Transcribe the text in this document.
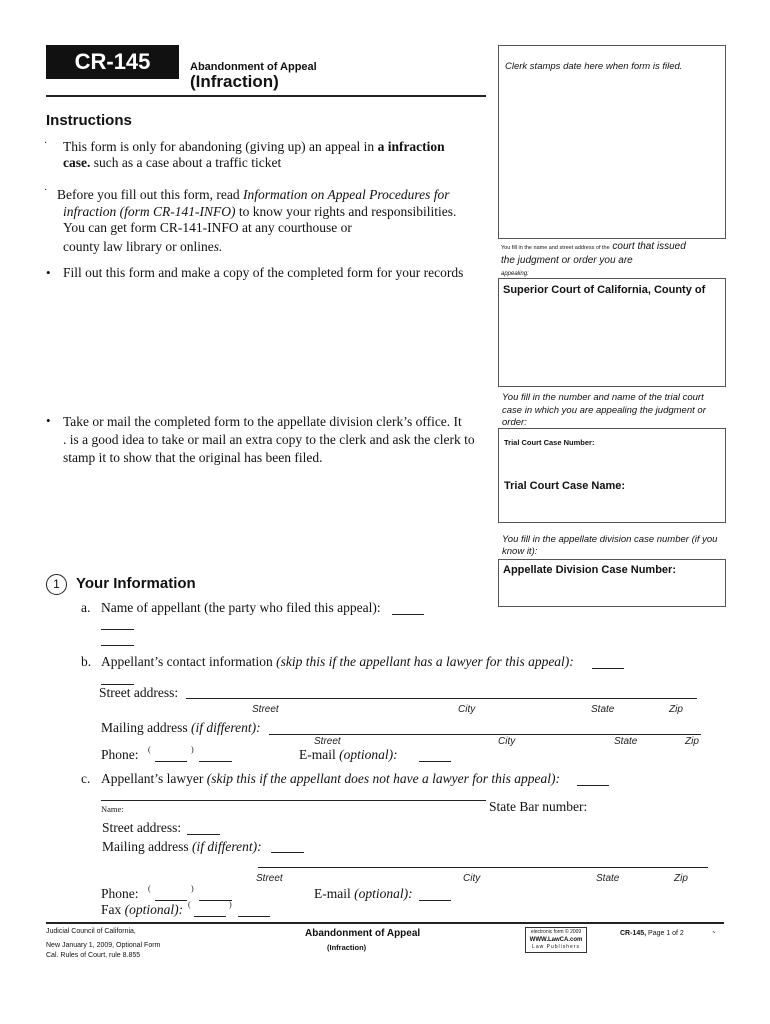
CR-145	Abandonment of Appeal
(Infraction)
Clerk stamps date here when form is filed.
Instructions
· This form is only for abandoning (giving up) an appeal in a infraction
case. such as a case about a traffic ticket
· Before you fill out this form, read Information on Appeal Procedures for
infraction (form CR-141-INFO) to know your rights and responsibilities.
You can get form CR-141-INFO at any courthouse or
county law library or onlines.
• Fill out this form and make a copy of the completed form for your records
You fill in the name and street address of the court that issued
the judgment or order you are
appealing:
Superior Court of California, County of
You fill in the number and name of the trial court case in which you are appealing the judgment or order:
Trial Court Case Number:
Trial Court Case Name:
• Take or mail the completed form to the appellate division clerk’s office. It
. is a good idea to take or mail an extra copy to the clerk and ask the clerk to
stamp it to show that the original has been filed.
You fill in the appellate division case number (if you know it):
Appellate Division Case Number:
1	Your Information
a. Name of appellant (the party who filed this appeal):
b. Appellant’s contact information (skip this if the appellant has a lawyer for this appeal):
Street address:
Street	City	State	Zip
Mailing address (if different):
Street	City	State	Zip
Phone: (	)	E-mail (optional):
c. Appellant’s lawyer (skip this if the appellant does not have a lawyer for this appeal):
Name:	State Bar number:
Street address:
Mailing address (if different):
Street	City	State	Zip
Phone: (	)	E-mail (optional):
Fax (optional): (	)
Judicial Council of California,
New January 1, 2009, Optional Form
Cal. Rules of Court, rule 8.855
Abandonment of Appeal
(Infraction)
electronic form © 2009
WWW.LawCA.com
Law Publishers
CR-145, Page 1 of 2	˴
